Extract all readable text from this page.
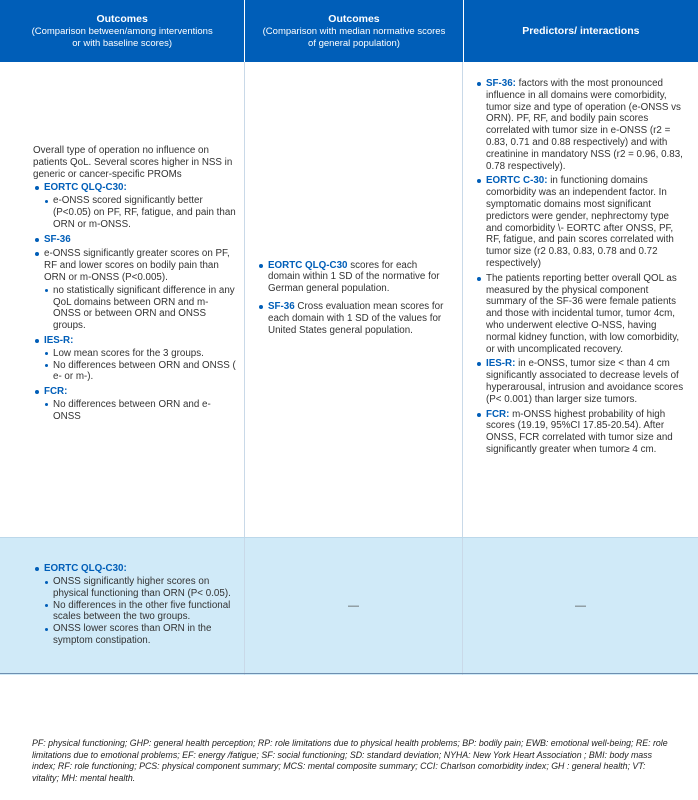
Outcomes
(Comparison between/among interventions
or with baseline scores)
Outcomes
(Comparison with median normative scores
of general population)
Predictors/ interactions
Overall type of operation no influence on patients QoL. Several scores higher in NSS in generic or cancer-specific PROMs
EORTC QLQ-C30:
e-ONSS scored significantly better (P<0.05) on PF, RF, fatigue, and pain than ORN or m-ONSS.
SF-36
e-ONSS significantly greater scores on PF, RF and lower scores on bodily pain than ORN or m-ONSS (P<0.005).
no statistically significant difference in any QoL domains between ORN and m-ONSS or between ORN and ONSS groups.
IES-R:
Low mean scores for the 3 groups.
No differences between ORN and ONSS ( e- or m-).
FCR:
No differences between ORN and e-ONSS
EORTC QLQ-C30 scores for each domain within 1 SD of the normative for German general population.
SF-36 Cross evaluation mean scores for each domain with 1 SD of the values for United States general population.
SF-36: factors with the most pronounced influence in all domains were comorbidity, tumor size and type of operation (e-ONSS vs ORN). PF, RF, and bodily pain scores correlated with tumor size in e-ONSS (r2 = 0.83, 0.71 and 0.88 respectively) and with creatinine in mandatory NSS (r2 = 0.96, 0.83, 0.78 respectively).
EORTC C-30: in functioning domains comorbidity was an independent factor. In symptomatic domains most significant predictors were gender, nephrectomy type and comorbidity \- EORTC after ONSS, PF, RF, fatigue, and pain scores correlated with tumor size (r2 0.83, 0.83, 0.78 and 0.72 respectively)
The patients reporting better overall QOL as measured by the physical component summary of the SF-36 were female patients and those with incidental tumor, tumor 4cm, who underwent elective O-NSS, having normal kidney function, with low comorbidity, or with uncomplicated recovery.
IES-R: in e-ONSS, tumor size < than 4 cm significantly associated to decrease levels of hyperarousal, intrusion and avoidance scores (P< 0.001) than larger size tumors.
FCR: m-ONSS highest probability of high scores (19.19, 95%CI 17.85-20.54). After ONSS, FCR correlated with tumor size and significantly greater when tumor≥ 4 cm.
EORTC QLQ-C30:
ONSS significantly higher scores on physical functioning than ORN (P< 0.05).
No differences in the other five functional scales between the two groups.
ONSS lower scores than ORN in the symptom constipation.
—	—
PF: physical functioning; GHP: general health perception; RP: role limitations due to physical health problems; BP: bodily pain; EWB: emotional well-being; RE: role limitations due to emotional problems; EF: energy /fatigue; SF: social functioning; SD: standard deviation; NYHA: New York Heart Association ; BMI: body mass index; RF: role functioning; PCS: physical component summary; MCS: mental composite summary; CCI: Charlson comorbidity index; GH : general health; VT: vitality; MH: mental health.
